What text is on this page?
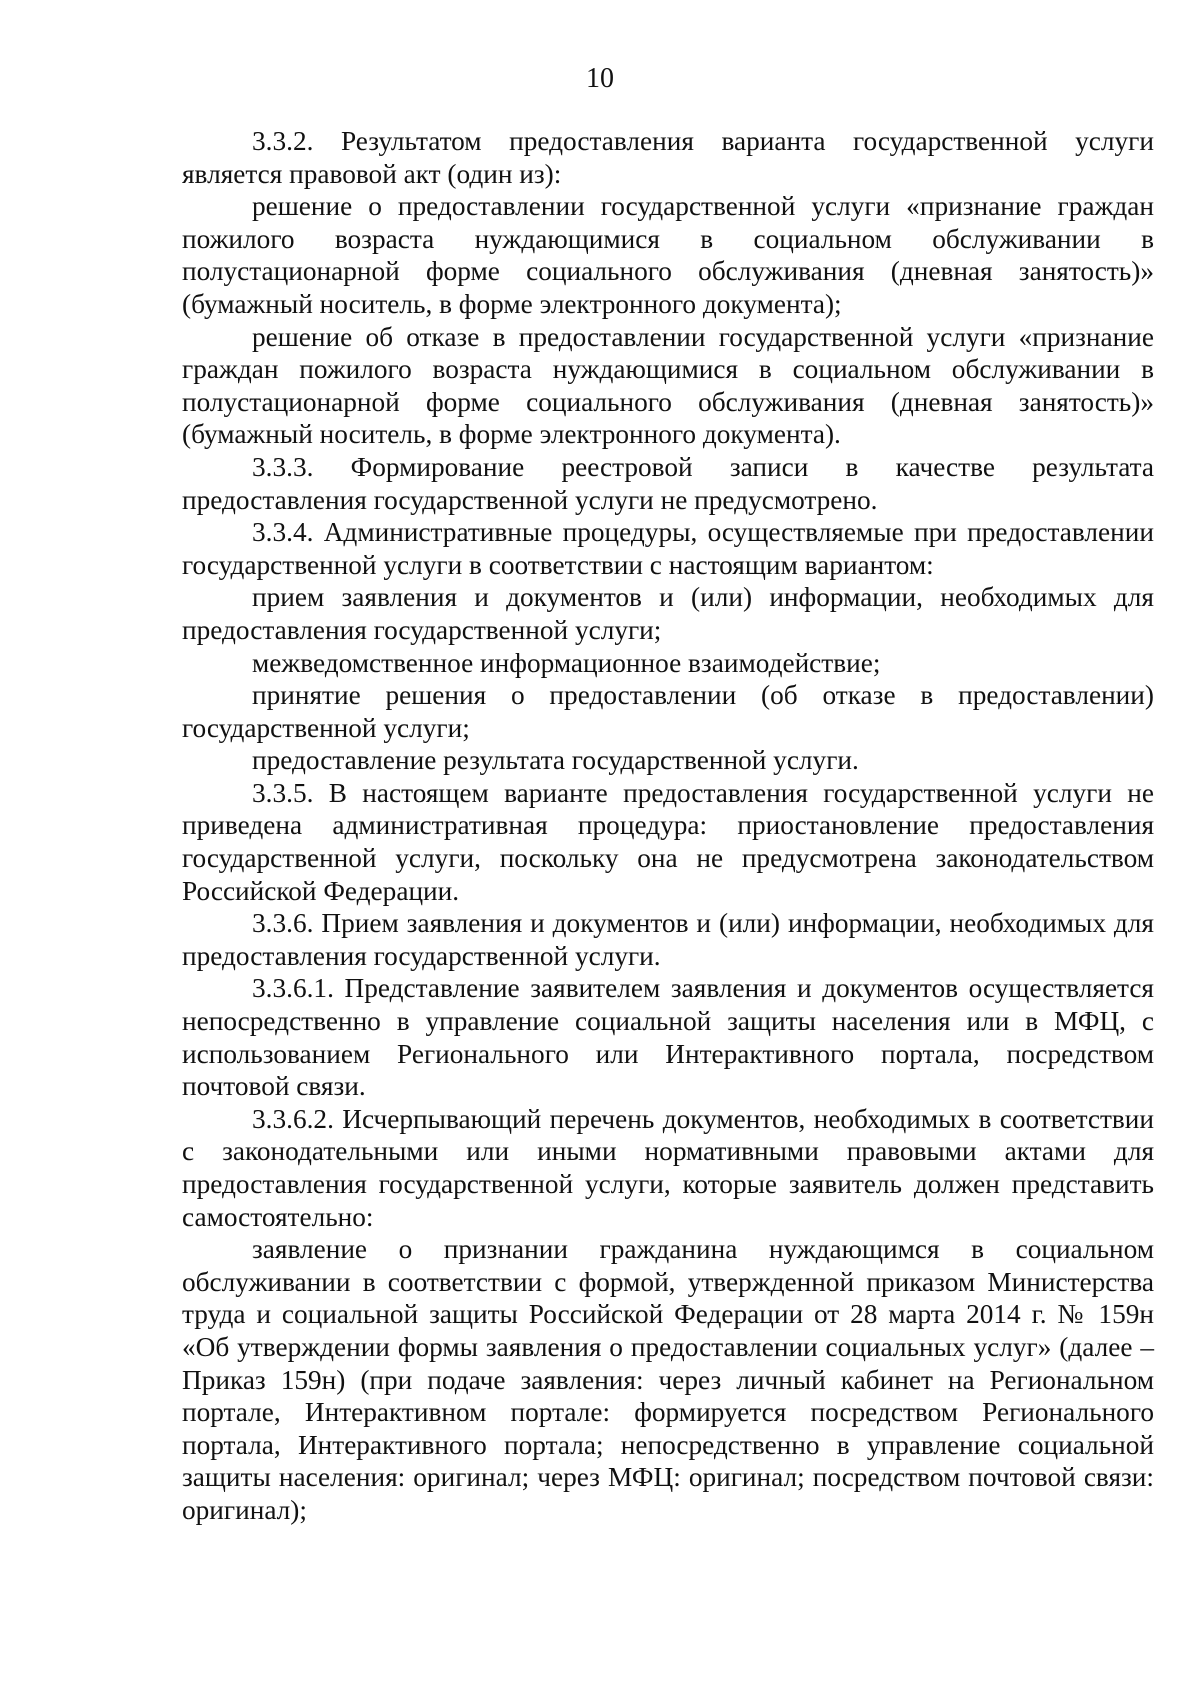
10

3.3.2. Результатом предоставления варианта государственной услуги является правовой акт (один из):

решение о предоставлении государственной услуги «признание граждан пожилого возраста нуждающимися в социальном обслуживании в полустационарной форме социального обслуживания (дневная занятость)» (бумажный носитель, в форме электронного документа);

решение об отказе в предоставлении государственной услуги «признание граждан пожилого возраста нуждающимися в социальном обслуживании в полустационарной форме социального обслуживания (дневная занятость)» (бумажный носитель, в форме электронного документа).

3.3.3. Формирование реестровой записи в качестве результата предоставления государственной услуги не предусмотрено.

3.3.4. Административные процедуры, осуществляемые при предоставлении государственной услуги в соответствии с настоящим вариантом:

прием заявления и документов и (или) информации, необходимых для предоставления государственной услуги;

межведомственное информационное взаимодействие;

принятие решения о предоставлении (об отказе в предоставлении) государственной услуги;

предоставление результата государственной услуги.

3.3.5. В настоящем варианте предоставления государственной услуги не приведена административная процедура: приостановление предоставления государственной услуги, поскольку она не предусмотрена законодательством Российской Федерации.

3.3.6. Прием заявления и документов и (или) информации, необходимых для предоставления государственной услуги.

3.3.6.1. Представление заявителем заявления и документов осуществляется непосредственно в управление социальной защиты населения или в МФЦ, с использованием Регионального или Интерактивного портала, посредством почтовой связи.

3.3.6.2. Исчерпывающий перечень документов, необходимых в соответствии с законодательными или иными нормативными правовыми актами для предоставления государственной услуги, которые заявитель должен представить самостоятельно:

заявление о признании гражданина нуждающимся в социальном обслуживании в соответствии с формой, утвержденной приказом Министерства труда и социальной защиты Российской Федерации от 28 марта 2014 г. № 159н «Об утверждении формы заявления о предоставлении социальных услуг» (далее – Приказ 159н) (при подаче заявления: через личный кабинет на Региональном портале, Интерактивном портале: формируется посредством Регионального портала, Интерактивного портала; непосредственно в управление социальной защиты населения: оригинал; через МФЦ: оригинал; посредством почтовой связи: оригинал);
